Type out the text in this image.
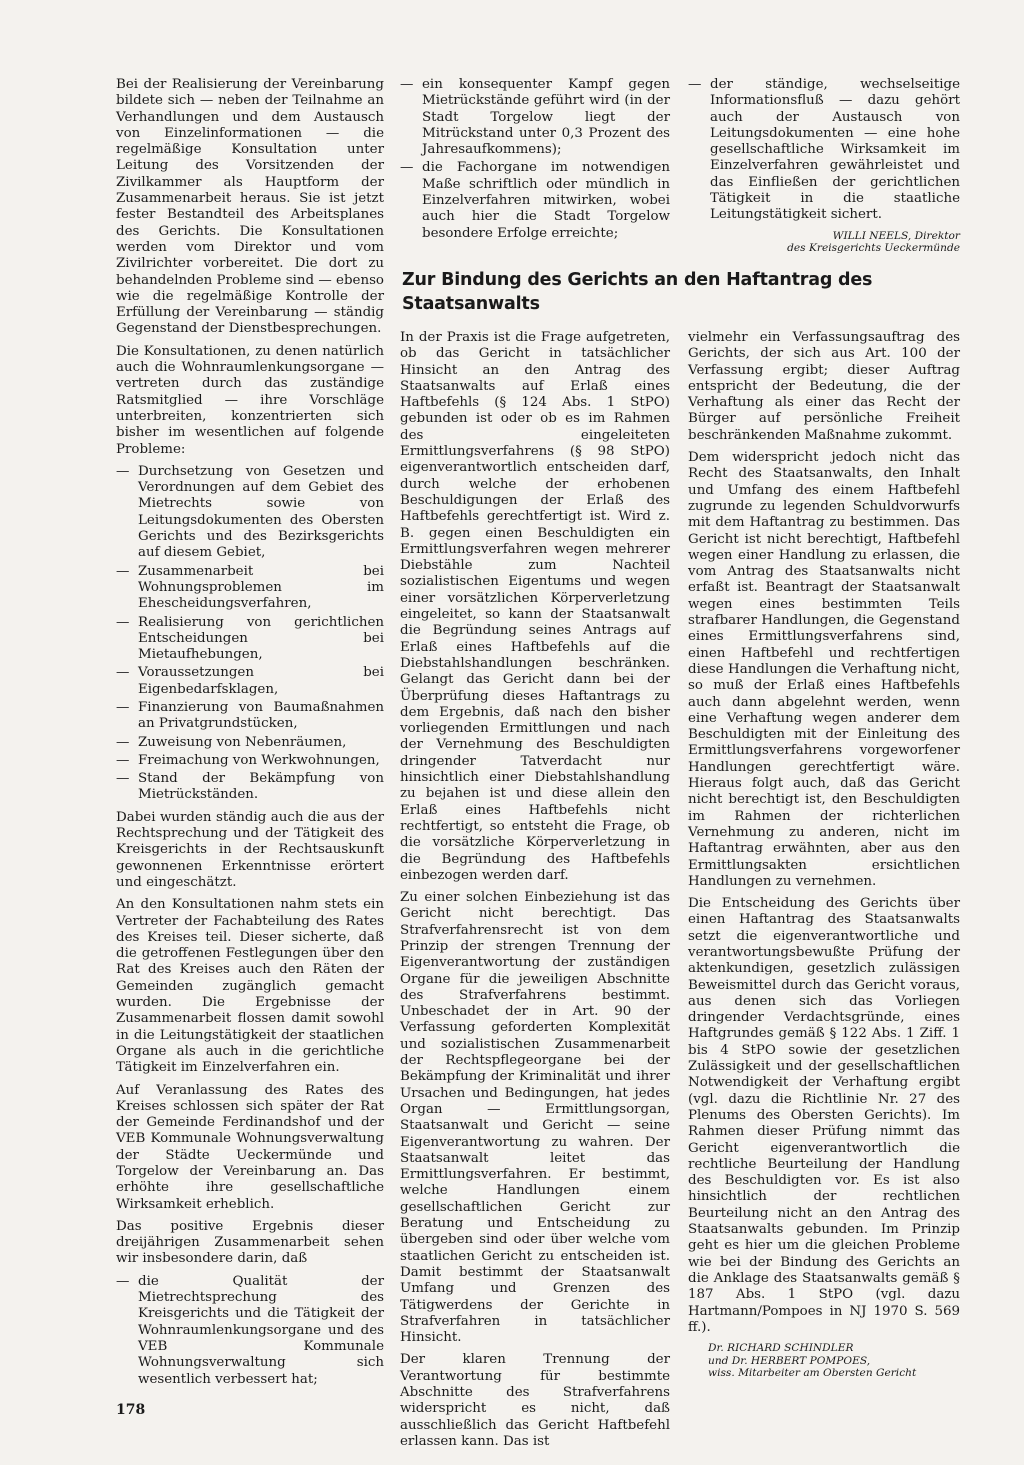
Bei der Realisierung der Vereinbarung bildete sich — neben der Teilnahme an Verhandlungen und dem Austausch von Einzelinformationen — die regelmäßige Konsultation unter Leitung des Vorsitzenden der Zivilkammer als Hauptform der Zusammenarbeit heraus. Sie ist jetzt fester Bestandteil des Arbeitsplanes des Gerichts. Die Konsultationen werden vom Direktor und vom Zivilrichter vorbereitet. Die dort zu behandelnden Probleme sind — ebenso wie die regelmäßige Kontrolle der Erfüllung der Vereinbarung — ständig Gegenstand der Dienstbesprechungen.

Die Konsultationen, zu denen natürlich auch die Wohnraumlenkungsorgane — vertreten durch das zuständige Ratsmitglied — ihre Vorschläge unterbreiten, konzentrierten sich bisher im wesentlichen auf folgende Probleme:

— Durchsetzung von Gesetzen und Verordnungen auf dem Gebiet des Mietrechts sowie von Leitungsdokumenten des Obersten Gerichts und des Bezirksgerichts auf diesem Gebiet,
— Zusammenarbeit bei Wohnungsproblemen im Ehescheidungsverfahren,
— Realisierung von gerichtlichen Entscheidungen bei Mietaufhebungen,
— Voraussetzungen bei Eigenbedarfsklagen,
— Finanzierung von Baumaßnahmen an Privatgrundstücken,
— Zuweisung von Nebenräumen,
— Freimachung von Werkwohnungen,
— Stand der Bekämpfung von Mietrückständen.

Dabei wurden ständig auch die aus der Rechtsprechung und der Tätigkeit des Kreisgerichts in der Rechtsauskunft gewonnenen Erkenntnisse erörtert und eingeschätzt.

An den Konsultationen nahm stets ein Vertreter der Fachabteilung des Rates des Kreises teil. Dieser sicherte, daß die getroffenen Festlegungen über den Rat des Kreises auch den Räten der Gemeinden zugänglich gemacht wurden. Die Ergebnisse der Zusammenarbeit flossen damit sowohl in die Leitungstätigkeit der staatlichen Organe als auch in die gerichtliche Tätigkeit im Einzelverfahren ein.

Auf Veranlassung des Rates des Kreises schlossen sich später der Rat der Gemeinde Ferdinandshof und der VEB Kommunale Wohnungsverwaltung der Städte Ueckermünde und Torgelow der Vereinbarung an. Das erhöhte ihre gesellschaftliche Wirksamkeit erheblich.

Das positive Ergebnis dieser dreijährigen Zusammenarbeit sehen wir insbesondere darin, daß

— die Qualität der Mietrechtsprechung des Kreisgerichts und die Tätigkeit der Wohnraumlenkungsorgane und des VEB Kommunale Wohnungsverwaltung sich wesentlich verbessert hat;
— ein konsequenter Kampf gegen Mietrückstände geführt wird (in der Stadt Torgelow liegt der Mitrückstand unter 0,3 Prozent des Jahresaufkommens);
— die Fachorgane im notwendigen Maße schriftlich oder mündlich in Einzelverfahren mitwirken, wobei auch hier die Stadt Torgelow besondere Erfolge erreichte;
— der ständige, wechselseitige Informationsfluß — dazu gehört auch der Austausch von Leitungsdokumenten — eine hohe gesellschaftliche Wirksamkeit im Einzelverfahren gewährleistet und das Einfließen der gerichtlichen Tätigkeit in die staatliche Leitungstätigkeit sichert.
WILLI NEELS, Direktor
des Kreisgerichts Ueckermünde
Zur Bindung des Gerichts an den Haftantrag des Staatsanwalts

In der Praxis ist die Frage aufgetreten, ob das Gericht in tatsächlicher Hinsicht an den Antrag des Staatsanwalts auf Erlaß eines Haftbefehls (§ 124 Abs. 1 StPO) gebunden ist oder ob es im Rahmen des eingeleiteten Ermittlungsverfahrens (§ 98 StPO) eigenverantwortlich entscheiden darf, durch welche der erhobenen Beschuldigungen der Erlaß des Haftbefehls gerechtfertigt ist. Wird z. B. gegen einen Beschuldigten ein Ermittlungsverfahren wegen mehrerer Diebstähle zum Nachteil sozialistischen Eigentums und wegen einer vorsätzlichen Körperverletzung eingeleitet, so kann der Staatsanwalt die Begründung seines Antrags auf Erlaß eines Haftbefehls auf die Diebstahlshandlungen beschränken. Gelangt das Gericht dann bei der Überprüfung dieses Haftantrags zu dem Ergebnis, daß nach den bisher vorliegenden Ermittlungen und nach der Vernehmung des Beschuldigten dringender Tatverdacht nur hinsichtlich einer Diebstahlshandlung zu bejahen ist und diese allein den Erlaß eines Haftbefehls nicht rechtfertigt, so entsteht die Frage, ob die vorsätzliche Körperverletzung in die Begründung des Haftbefehls einbezogen werden darf.

Zu einer solchen Einbeziehung ist das Gericht nicht berechtigt. Das Strafverfahrensrecht ist von dem Prinzip der strengen Trennung der Eigenverantwortung der zuständigen Organe für die jeweiligen Abschnitte des Strafverfahrens bestimmt. Unbeschadet der in Art. 90 der Verfassung geforderten Komplexität und sozialistischen Zusammenarbeit der Rechtspflegeorgane bei der Bekämpfung der Kriminalität und ihrer Ursachen und Bedingungen, hat jedes Organ — Ermittlungsorgan, Staatsanwalt und Gericht — seine Eigenverantwortung zu wahren. Der Staatsanwalt leitet das Ermittlungsverfahren. Er bestimmt, welche Handlungen einem gesellschaftlichen Gericht zur Beratung und Entscheidung zu übergeben sind oder über welche vom staatlichen Gericht zu entscheiden ist. Damit bestimmt der Staatsanwalt Umfang und Grenzen des Tätigwerdens der Gerichte in Strafverfahren in tatsächlicher Hinsicht.

Der klaren Trennung der Verantwortung für bestimmte Abschnitte des Strafverfahrens widerspricht es nicht, daß ausschließlich das Gericht Haftbefehl erlassen kann. Das ist

vielmehr ein Verfassungsauftrag des Gerichts, der sich aus Art. 100 der Verfassung ergibt; dieser Auftrag entspricht der Bedeutung, die der Verhaftung als einer das Recht der Bürger auf persönliche Freiheit beschränkenden Maßnahme zukommt.

Dem widerspricht jedoch nicht das Recht des Staatsanwalts, den Inhalt und Umfang des einem Haftbefehl zugrunde zu legenden Schuldvorwurfs mit dem Haftantrag zu bestimmen. Das Gericht ist nicht berechtigt, Haftbefehl wegen einer Handlung zu erlassen, die vom Antrag des Staatsanwalts nicht erfaßt ist. Beantragt der Staatsanwalt wegen eines bestimmten Teils strafbarer Handlungen, die Gegenstand eines Ermittlungsverfahrens sind, einen Haftbefehl und rechtfertigen diese Handlungen die Verhaftung nicht, so muß der Erlaß eines Haftbefehls auch dann abgelehnt werden, wenn eine Verhaftung wegen anderer dem Beschuldigten mit der Einleitung des Ermittlungsverfahrens vorgeworfener Handlungen gerechtfertigt wäre. Hieraus folgt auch, daß das Gericht nicht berechtigt ist, den Beschuldigten im Rahmen der richterlichen Vernehmung zu anderen, nicht im Haftantrag erwähnten, aber aus den Ermittlungsakten ersichtlichen Handlungen zu vernehmen.

Die Entscheidung des Gerichts über einen Haftantrag des Staatsanwalts setzt die eigenverantwortliche und verantwortungsbewußte Prüfung der aktenkundigen, gesetzlich zulässigen Beweismittel durch das Gericht voraus, aus denen sich das Vorliegen dringender Verdachtsgründe, eines Haftgrundes gemäß § 122 Abs. 1 Ziff. 1 bis 4 StPO sowie der gesetzlichen Zulässigkeit und der gesellschaftlichen Notwendigkeit der Verhaftung ergibt (vgl. dazu die Richtlinie Nr. 27 des Plenums des Obersten Gerichts). Im Rahmen dieser Prüfung nimmt das Gericht eigenverantwortlich die rechtliche Beurteilung der Handlung des Beschuldigten vor. Es ist also hinsichtlich der rechtlichen Beurteilung nicht an den Antrag des Staatsanwalts gebunden. Im Prinzip geht es hier um die gleichen Probleme wie bei der Bindung des Gerichts an die Anklage des Staatsanwalts gemäß § 187 Abs. 1 StPO (vgl. dazu Hartmann/Pompoes in NJ 1970 S. 569 ff.).

Dr. RICHARD SCHINDLER
und Dr. HERBERT POMPOES,
wiss. Mitarbeiter am Obersten Gericht
178
